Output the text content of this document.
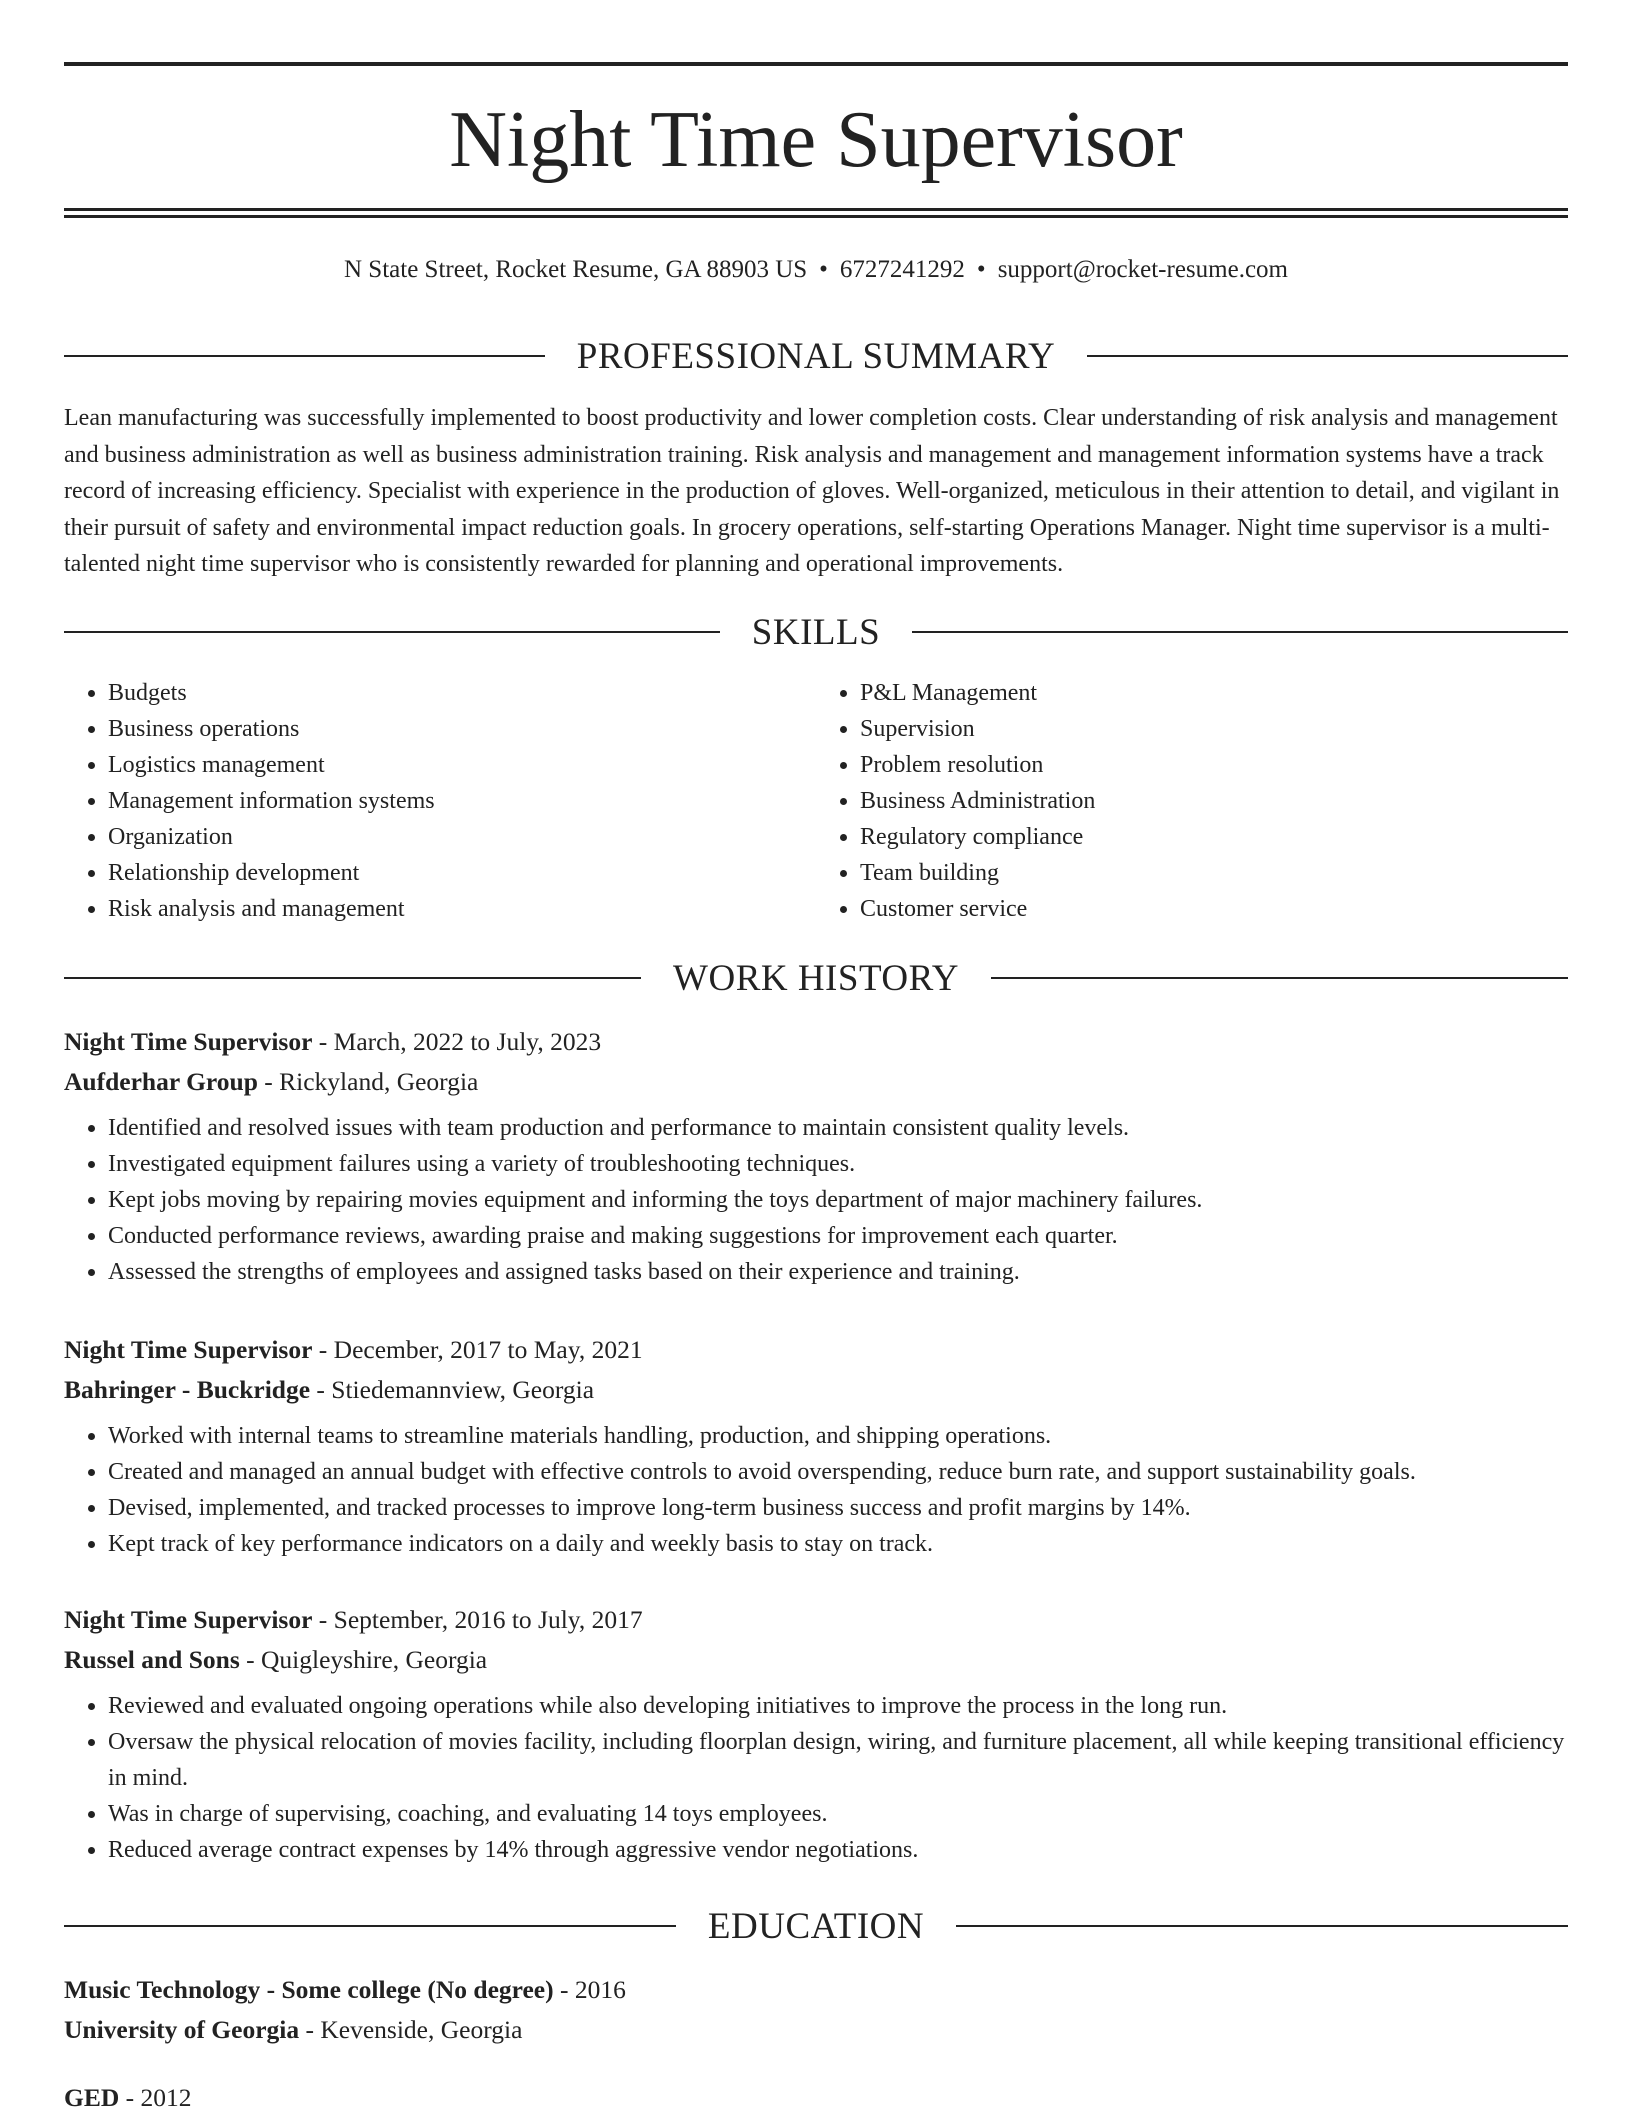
Night Time Supervisor
N State Street, Rocket Resume, GA 88903 US • 6727241292 • support@rocket-resume.com
PROFESSIONAL SUMMARY

Lean manufacturing was successfully implemented to boost productivity and lower completion costs. Clear understanding of risk analysis and management and business administration as well as business administration training. Risk analysis and management and management information systems have a track record of increasing efficiency. Specialist with experience in the production of gloves. Well-organized, meticulous in their attention to detail, and vigilant in their pursuit of safety and environmental impact reduction goals. In grocery operations, self-starting Operations Manager. Night time supervisor is a multi-talented night time supervisor who is consistently rewarded for planning and operational improvements.

SKILLS
• Budgets
• Business operations
• Logistics management
• Management information systems
• Organization
• Relationship development
• Risk analysis and management
• P&L Management
• Supervision
• Problem resolution
• Business Administration
• Regulatory compliance
• Team building
• Customer service
WORK HISTORY
Night Time Supervisor - March, 2022 to July, 2023
Aufderhar Group - Rickyland, Georgia
• Identified and resolved issues with team production and performance to maintain consistent quality levels.
• Investigated equipment failures using a variety of troubleshooting techniques.
• Kept jobs moving by repairing movies equipment and informing the toys department of major machinery failures.
• Conducted performance reviews, awarding praise and making suggestions for improvement each quarter.
• Assessed the strengths of employees and assigned tasks based on their experience and training.
Night Time Supervisor - December, 2017 to May, 2021
Bahringer - Buckridge - Stiedemannview, Georgia
• Worked with internal teams to streamline materials handling, production, and shipping operations.
• Created and managed an annual budget with effective controls to avoid overspending, reduce burn rate, and support sustainability goals.
• Devised, implemented, and tracked processes to improve long-term business success and profit margins by 14%.
• Kept track of key performance indicators on a daily and weekly basis to stay on track.
Night Time Supervisor - September, 2016 to July, 2017
Russel and Sons - Quigleyshire, Georgia
• Reviewed and evaluated ongoing operations while also developing initiatives to improve the process in the long run.
• Oversaw the physical relocation of movies facility, including floorplan design, wiring, and furniture placement, all while keeping transitional efficiency in mind.
• Was in charge of supervising, coaching, and evaluating 14 toys employees.
• Reduced average contract expenses by 14% through aggressive vendor negotiations.
EDUCATION
Music Technology - Some college (No degree) - 2016
University of Georgia - Kevenside, Georgia
GED - 2012
